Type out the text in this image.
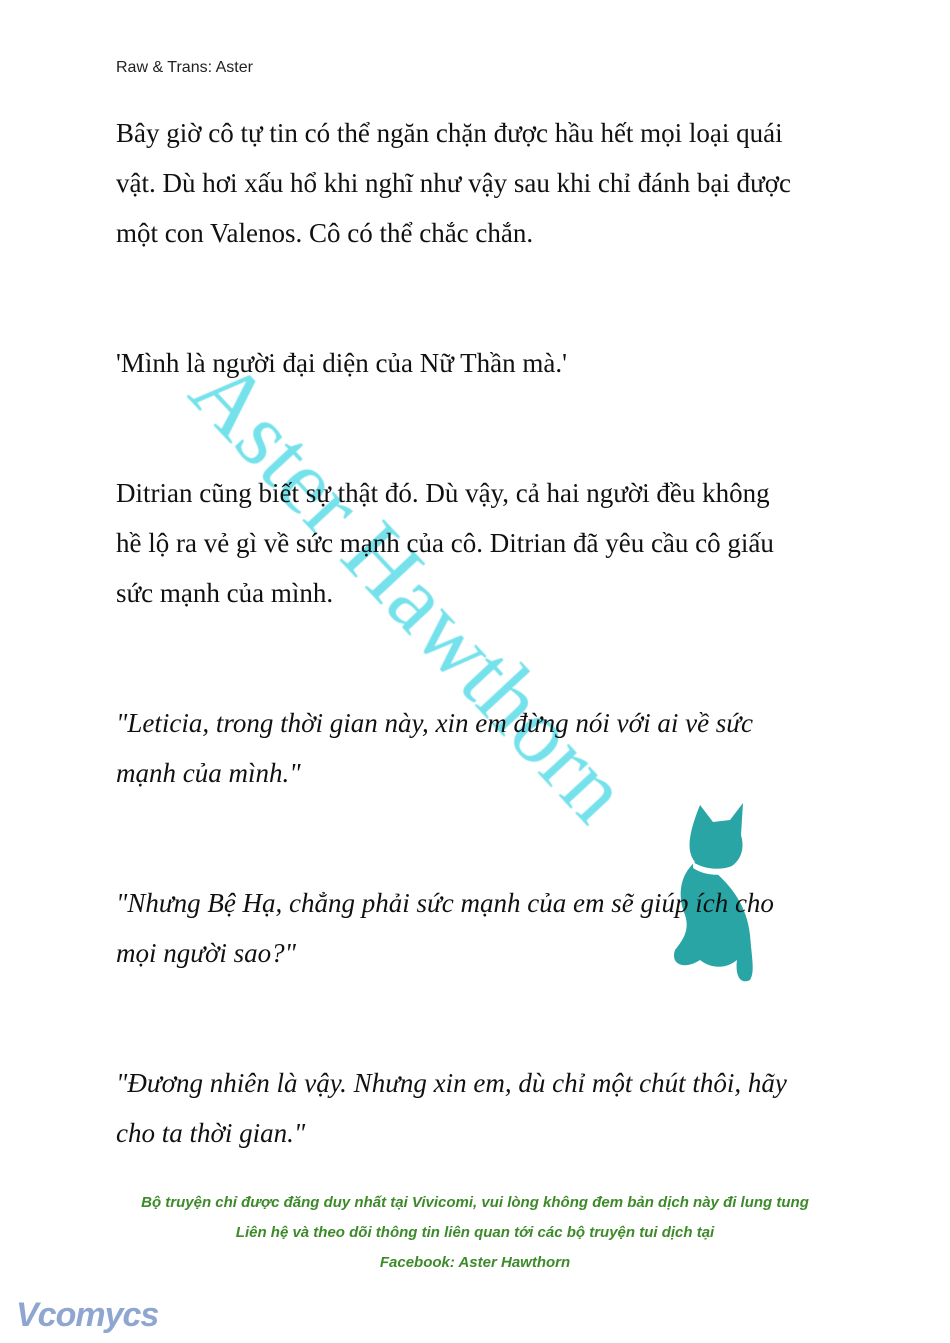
Raw & Trans: Aster
Bây giờ cô tự tin có thể ngăn chặn được hầu hết mọi loại quái
vật. Dù hơi xấu hổ khi nghĩ như vậy sau khi chỉ đánh bại được
một con Valenos. Cô có thể chắc chắn.
'Mình là người đại diện của Nữ Thần mà.'
Ditrian cũng biết sự thật đó. Dù vậy, cả hai người đều không
hề lộ ra vẻ gì về sức mạnh của cô. Ditrian đã yêu cầu cô giấu
sức mạnh của mình.
"Leticia, trong thời gian này, xin em đừng nói với ai về sức
mạnh của mình."
"Nhưng Bệ Hạ, chẳng phải sức mạnh của em sẽ giúp ích cho
mọi người sao?"
"Đương nhiên là vậy. Nhưng xin em, dù chỉ một chút thôi, hãy
cho ta thời gian."
Bộ truyện chỉ được đăng duy nhất tại Vivicomi, vui lòng không đem bản dịch này đi lung tung
Liên hệ và theo dõi thông tin liên quan tới các bộ truyện tui dịch tại
Facebook: Aster Hawthorn
Vcomycs
